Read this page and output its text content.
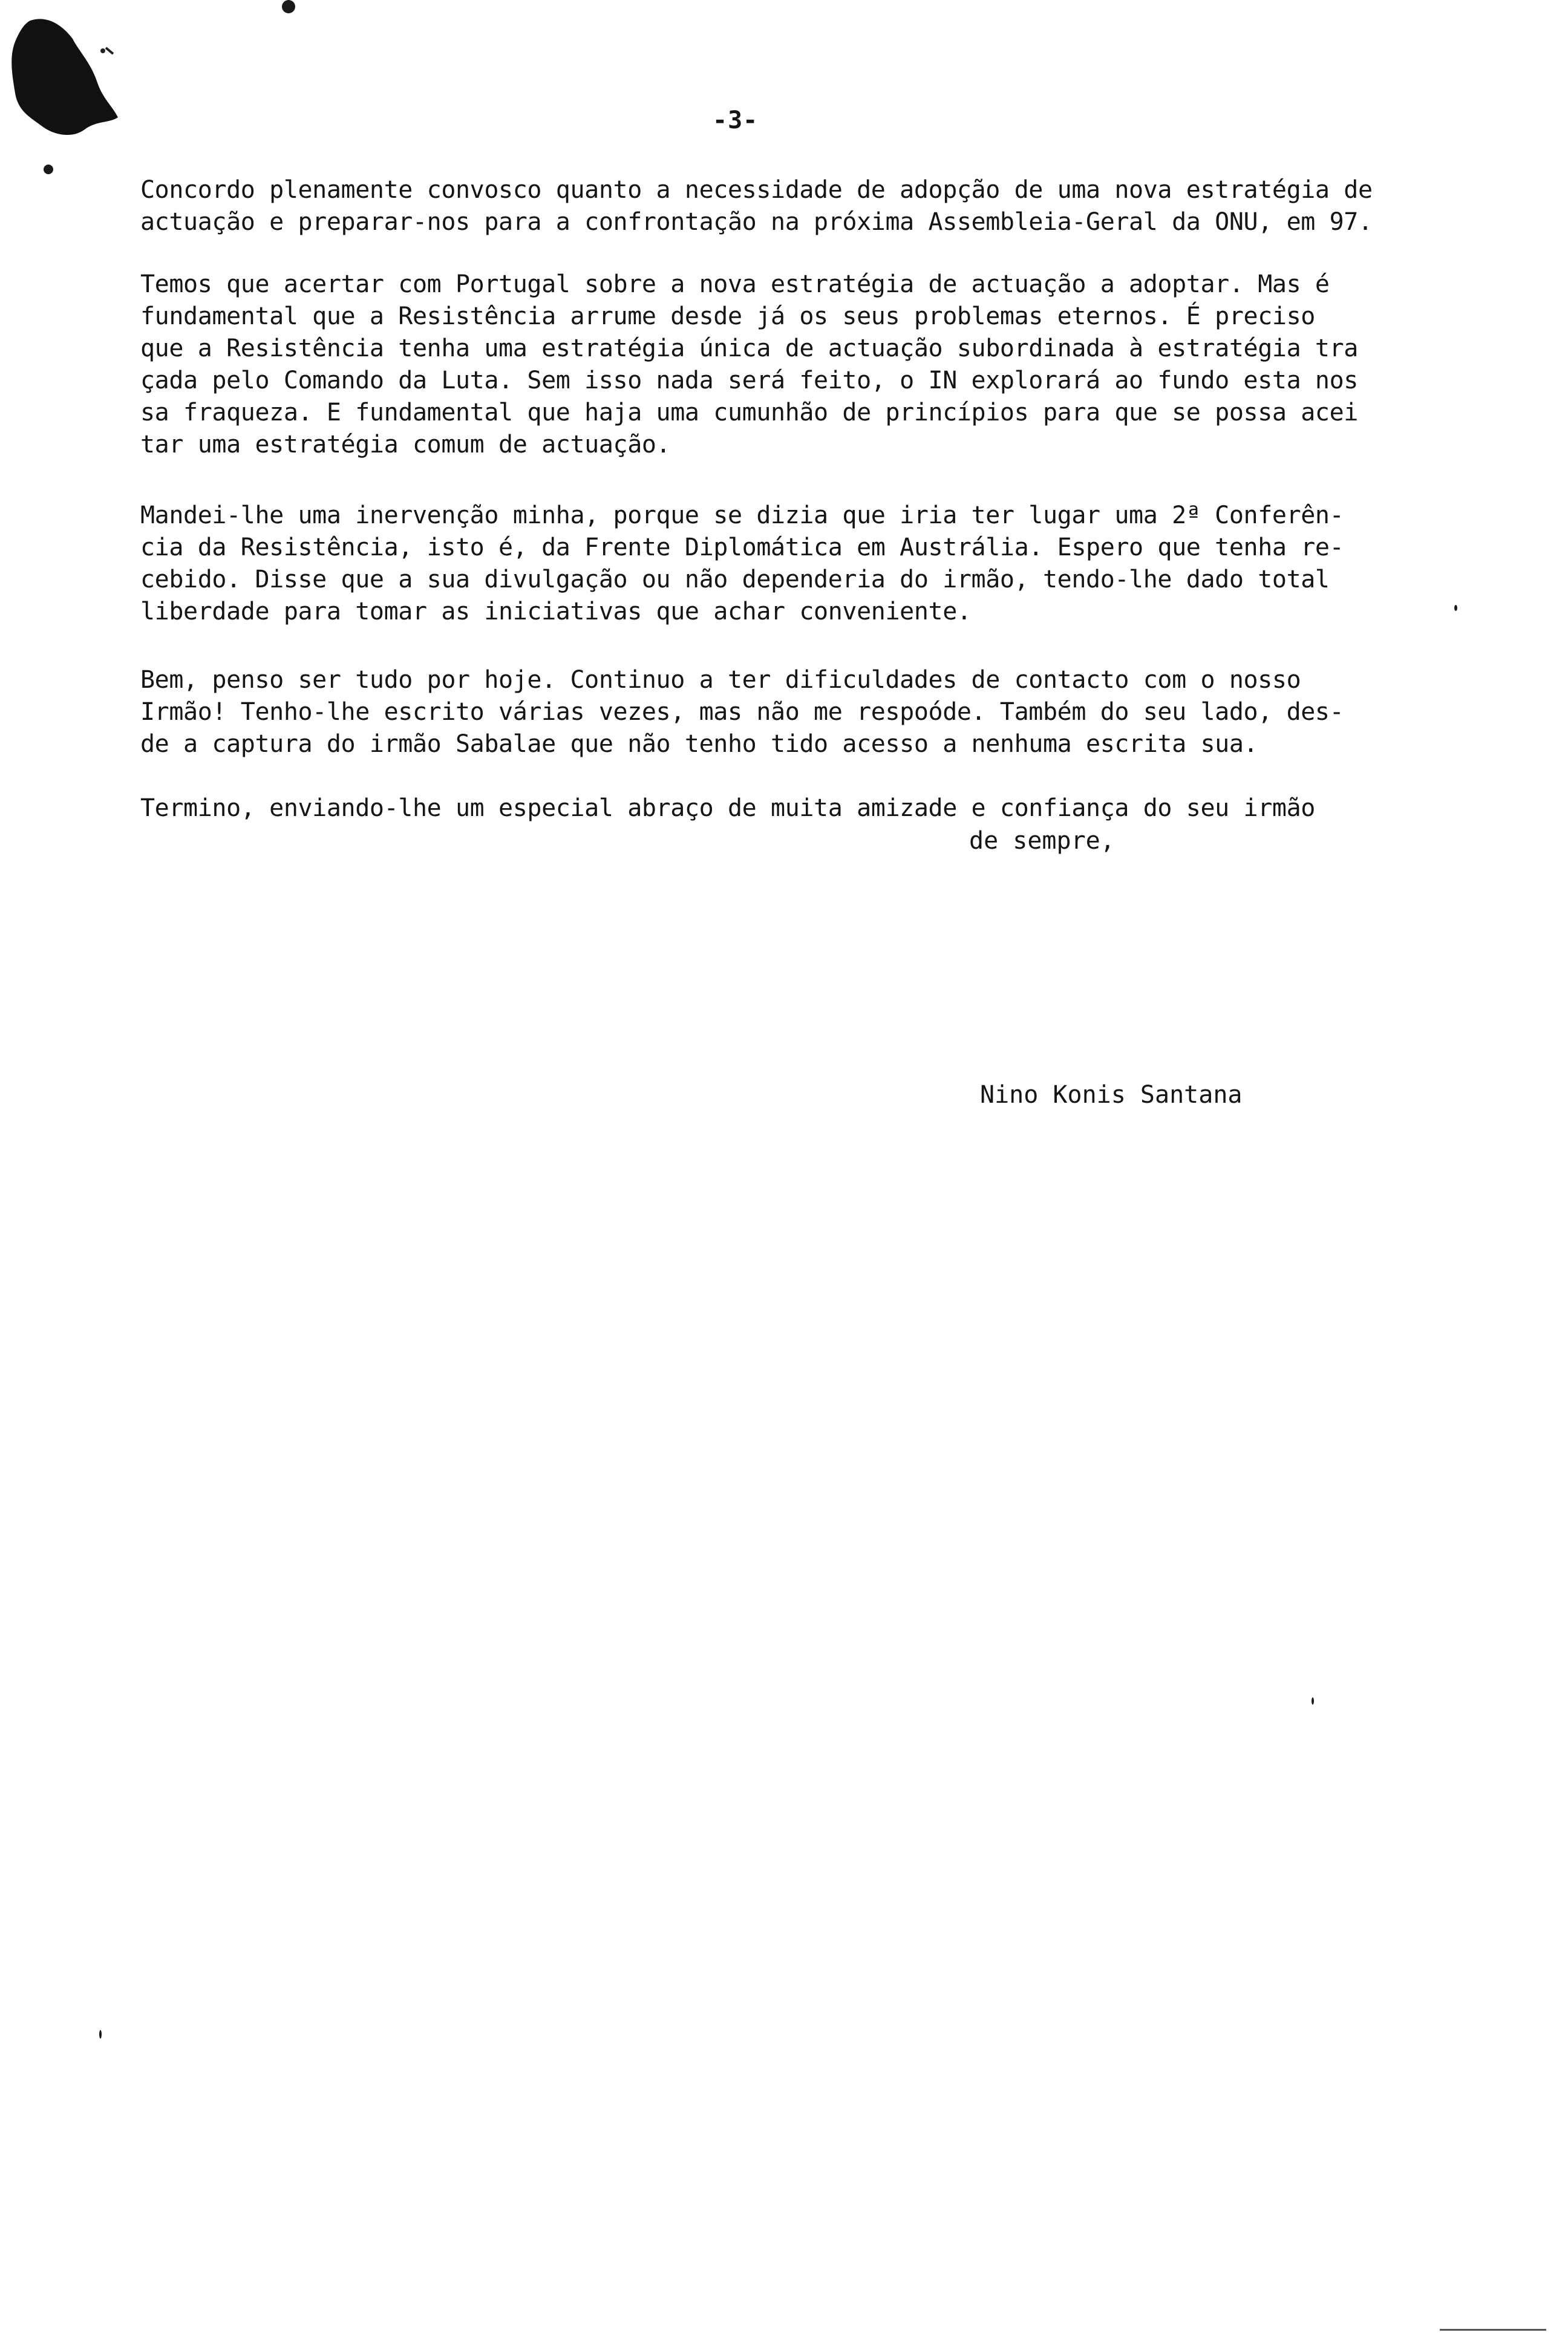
-3-
Concordo plenamente convosco quanto a necessidade de adopção de uma nova estratégia de
actuação e preparar-nos para a confrontação na próxima Assembleia-Geral da ONU, em 97.
Temos que acertar com Portugal sobre a nova estratégia de actuação a adoptar. Mas é
fundamental que a Resistência arrume desde já os seus problemas eternos. É preciso
que a Resistência tenha uma estratégia única de actuação subordinada à estratégia tra
çada pelo Comando da Luta. Sem isso nada será feito, o IN explorará ao fundo esta nos
sa fraqueza. E fundamental que haja uma cumunhão de princípios para que se possa acei
tar uma estratégia comum de actuação.
Mandei-lhe uma inervenção minha, porque se dizia que iria ter lugar uma 2ª Conferên-
cia da Resistência, isto é, da Frente Diplomática em Austrália. Espero que tenha re-
cebido. Disse que a sua divulgação ou não dependeria do irmão, tendo-lhe dado total
liberdade para tomar as iniciativas que achar conveniente.
Bem, penso ser tudo por hoje. Continuo a ter dificuldades de contacto com o nosso
Irmão! Tenho-lhe escrito várias vezes, mas não me respoóde. Também do seu lado, des-
de a captura do irmão Sabalae que não tenho tido acesso a nenhuma escrita sua.
Termino, enviando-lhe um especial abraço de muita amizade e confiança do seu irmão
de sempre,
Nino Konis Santana
